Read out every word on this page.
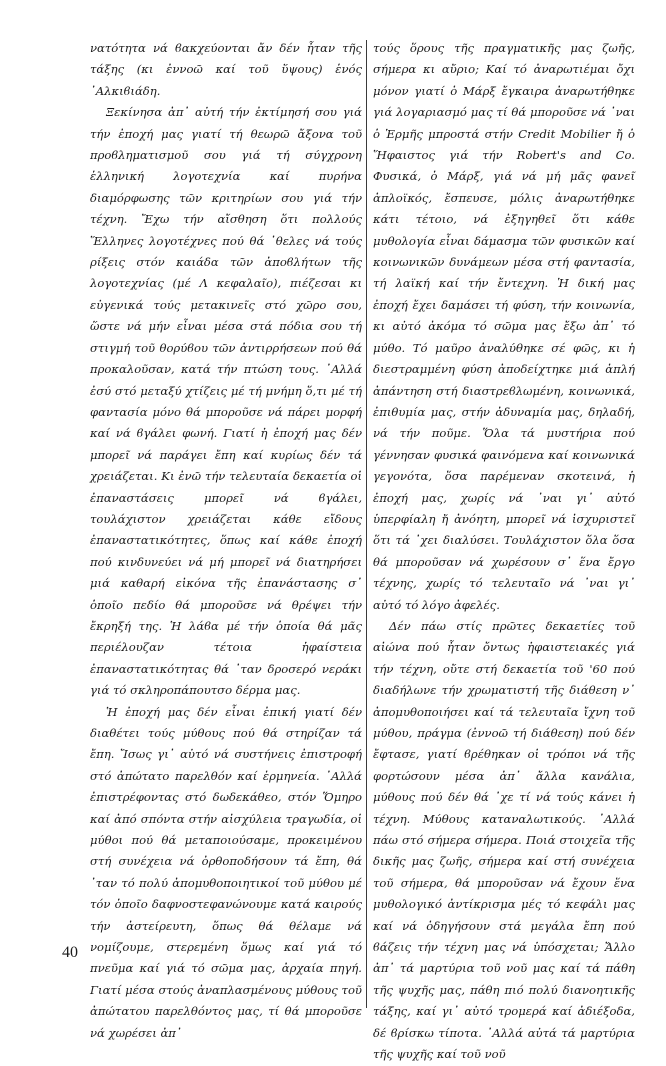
νατότητα νά ϐακχεύονται ἄν δέν ἦταν τῆς τάξης (κι ἐννοῶ καί τοῦ ὕψους) ἑνός ᾿Αλκιϐιάδη.

Ξεκίνησα ἀπ᾿ αὐτή τήν ἐκτίμησή σου γιά τήν ἐποχή μας γιατί τή θεωρῶ ἄξονα τοῦ προϐληματισμοῦ σου γιά τή σύγχρονη ἑλληνική λογοτεχνία καί πυρήνα διαμόρφωσης τῶν κριτηρίων σου γιά τήν τέχνη. Ἔχω τήν αἴσθηση ὅτι πολλούς Ἕλληνες λογοτέχνες πού θά ᾿θελες νά τούς ρίξεις στόν καιάδα τῶν ἀποϐλήτων τῆς λογοτεχνίας (μέ Λ κεφαλαῖο), πιέζεσαι κι εὐγενικά τούς μετακινεῖς στό χῶρο σου, ὥστε νά μήν εἶναι μέσα στά πόδια σου τή στιγμή τοῦ θορύϐου τῶν ἀντιρρήσεων πού θά προκαλοῦσαν, κατά τήν πτώση τους. ᾿Αλλά ἐσύ στό μεταξύ χτίζεις μέ τή μνήμη ὅ,τι μέ τή φαντασία μόνο θά μποροῦσε νά πάρει μορφή καί νά ϐγάλει φωνή. Γιατί ἡ ἐποχή μας δέν μπορεῖ νά παράγει ἔπη καί κυρίως δέν τά χρειάζεται. Κι ἐνῶ τήν τελευταία δεκαετία οἱ ἐπαναστάσεις μπορεῖ νά ϐγάλει, τουλάχιστον χρειάζεται κάθε εἴδους ἐπαναστατικότητες, ὅπως καί κάθε ἐποχή πού κινδυνεύει νά μή μπορεῖ νά διατηρήσει μιά καθαρή εἰκόνα τῆς ἐπανάστασης σ᾿ ὁποῖο πεδίο θά μποροῦσε νά θρέψει τήν ἔκρηξή της. Ἡ λάϐα μέ τήν ὁποία θά μᾶς περιέλουζαν τέτοια ἡφαίστεια ἐπαναστατικότητας θά ᾿ταν δροσερό νεράκι γιά τό σκληροπάπουτσο δέρμα μας.

Ἡ ἐποχή μας δέν εἶναι ἐπική γιατί δέν διαθέτει τούς μύθους πού θά στηρίζαν τά ἔπη. Ἴσως γι᾿ αὐτό νά συστήνεις ἐπιστροφή στό ἀπώτατο παρελθόν καί ἑρμηνεία. ᾿Αλλά ἐπιστρέφοντας στό δωδεκάθεο, στόν Ὅμηρο καί ἀπό σπόντα στήν αἰσχύλεια τραγωδία, οἱ μύθοι πού θά μεταποιούσαμε, προκειμένου στή συνέχεια νά ὀρθοποδήσουν τά ἔπη, θά ᾿ταν τό πολύ ἀπομυθοποιητικοί τοῦ μύθου μέ τόν ὁποῖο δαφνοστεφανώνουμε κατά καιρούς τήν ἀστείρευτη, ὅπως θά θέλαμε νά νομίζουμε, στερεμένη ὅμως καί γιά τό πνεῦμα καί γιά τό σῶμα μας, ἀρχαία πηγή. Γιατί μέσα στούς ἀναπλασμένους μύθους τοῦ ἀπώτατου παρελθόντος μας, τί θά μποροῦσε νά χωρέσει ἀπ᾿

τούς ὅρους τῆς πραγματικῆς μας ζωῆς, σήμερα κι αὔριο; Καί τό ἀναρωτιέμαι ὄχι μόνον γιατί ὁ Μάρξ ἔγκαιρα ἀναρωτήθηκε γιά λογαριασμό μας τί θά μποροῦσε νά ᾿ναι ὁ Ἑρμῆς μπροστά στήν Credit Mobilier ἤ ὁ Ἥφαιστος γιά τήν Robert's and Co. Φυσικά, ὁ Μάρξ, γιά νά μή μᾶς φανεῖ ἁπλοϊκός, ἔσπευσε, μόλις ἀναρωτήθηκε κάτι τέτοιο, νά ἐξηγηθεῖ ὅτι κάθε μυθολογία εἶναι δάμασμα τῶν φυσικῶν καί κοινωνικῶν δυνάμεων μέσα στή φαντασία, τή λαϊκή καί τήν ἔντεχνη. Ἡ δική μας ἐποχή ἔχει δαμάσει τή φύση, τήν κοινωνία, κι αὐτό ἀκόμα τό σῶμα μας ἔξω ἀπ᾿ τό μύθο. Τό μαῦρο ἀναλύθηκε σέ φῶς, κι ἡ διεστραμμένη φύση ἀποδείχτηκε μιά ἁπλή ἀπάντηση στή διαστρεϐλωμένη, κοινωνικά, ἐπιθυμία μας, στήν ἀδυναμία μας, δηλαδή, νά τήν ποῦμε. Ὅλα τά μυστήρια πού γέννησαν φυσικά φαινόμενα καί κοινωνικά γεγονότα, ὅσα παρέμεναν σκοτεινά, ἡ ἐποχή μας, χωρίς νά ᾿ναι γι᾿ αὐτό ὑπερφίαλη ἤ ἀνόητη, μπορεῖ νά ἰσχυριστεῖ ὅτι τά ᾿χει διαλύσει. Τουλάχιστον ὅλα ὅσα θά μποροῦσαν νά χωρέσουν σ᾿ ἕνα ἔργο τέχνης, χωρίς τό τελευταῖο νά ᾿ναι γι᾿ αὐτό τό λόγο ἀφελές.

Δέν πάω στίς πρῶτες δεκαετίες τοῦ αἰώνα πού ἦταν ὄντως ἡφαιστειακές γιά τήν τέχνη, οὔτε στή δεκαετία τοῦ '60 πού διαδήλωνε τήν χρωματιστή τῆς διάθεση ν᾿ ἀπομυθοποιήσει καί τά τελευταῖα ἴχνη τοῦ μύθου, πράγμα (ἐννοῶ τή διάθεση) πού δέν ἔφτασε, γιατί ϐρέθηκαν οἱ τρόποι νά τῆς φορτώσουν μέσα ἀπ᾿ ἄλλα κανάλια, μύθους πού δέν θά ᾿χε τί νά τούς κάνει ἡ τέχνη. Μύθους καταναλωτικούς. ᾿Αλλά πάω στό σήμερα σήμερα. Ποιά στοιχεῖα τῆς δικῆς μας ζωῆς, σήμερα καί στή συνέχεια τοῦ σήμερα, θά μποροῦσαν νά ἔχουν ἕνα μυθολογικό ἀντίκρισμα μές τό κεφάλι μας καί νά ὁδηγήσουν στά μεγάλα ἔπη πού ϐάζεις τήν τέχνη μας νά ὑπόσχεται; Ἄλλο ἀπ᾿ τά μαρτύρια τοῦ νοῦ μας καί τά πάθη τῆς ψυχῆς μας, πάθη πιό πολύ διανοητικῆς τάξης, καί γι᾿ αὐτό τρομερά καί ἀδιέξοδα, δέ ϐρίσκω τίποτα. ᾿Αλλά αὐτά τά μαρτύρια τῆς ψυχῆς καί τοῦ νοῦ

40
